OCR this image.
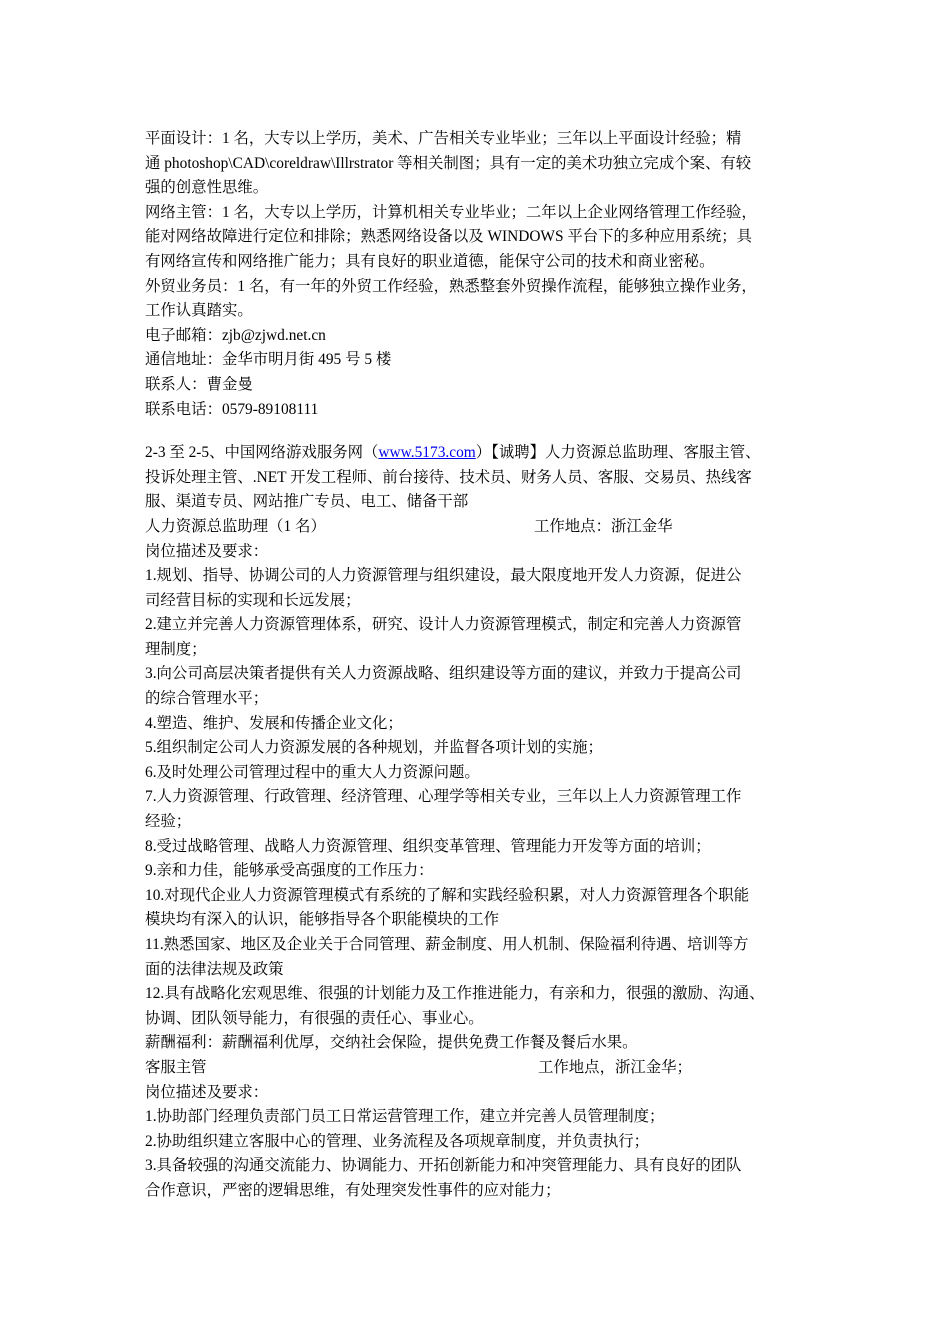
平面设计：1 名，大专以上学历，美术、广告相关专业毕业；三年以上平面设计经验；精
通 photoshop\CAD\coreldraw\Illrstrator 等相关制图；具有一定的美术功独立完成个案、有较
强的创意性思维。
网络主管：1 名，大专以上学历，计算机相关专业毕业；二年以上企业网络管理工作经验，
能对网络故障进行定位和排除；熟悉网络设备以及 WINDOWS 平台下的多种应用系统；具
有网络宣传和网络推广能力；具有良好的职业道德，能保守公司的技术和商业密秘。
外贸业务员：1 名，有一年的外贸工作经验，熟悉整套外贸操作流程，能够独立操作业务，
工作认真踏实。
电子邮箱：zjb@zjwd.net.cn
通信地址：金华市明月街 495 号 5 楼
联系人：曹金曼
联系电话：0579-89108111
2-3 至 2-5、中国网络游戏服务网（www.5173.com）【诚聘】人力资源总监助理、客服主管、
投诉处理主管、.NET 开发工程师、前台接待、技术员、财务人员、客服、交易员、热线客
服、渠道专员、网站推广专员、电工、储备干部
人力资源总监助理（1 名）	工作地点：浙江金华
岗位描述及要求：
1.规划、指导、协调公司的人力资源管理与组织建设，最大限度地开发人力资源，促进公
司经营目标的实现和长远发展；
2.建立并完善人力资源管理体系，研究、设计人力资源管理模式，制定和完善人力资源管
理制度；
3.向公司高层决策者提供有关人力资源战略、组织建设等方面的建议，并致力于提高公司
的综合管理水平；
4.塑造、维护、发展和传播企业文化；
5.组织制定公司人力资源发展的各种规划，并监督各项计划的实施；
6.及时处理公司管理过程中的重大人力资源问题。
7.人力资源管理、行政管理、经济管理、心理学等相关专业，三年以上人力资源管理工作
经验；
8.受过战略管理、战略人力资源管理、组织变革管理、管理能力开发等方面的培训；
9.亲和力佳，能够承受高强度的工作压力：
10.对现代企业人力资源管理模式有系统的了解和实践经验积累，对人力资源管理各个职能
模块均有深入的认识，能够指导各个职能模块的工作
11.熟悉国家、地区及企业关于合同管理、薪金制度、用人机制、保险福利待遇、培训等方
面的法律法规及政策
12.具有战略化宏观思维、很强的计划能力及工作推进能力，有亲和力，很强的激励、沟通、
协调、团队领导能力，有很强的责任心、事业心。
薪酬福利：薪酬福利优厚，交纳社会保险，提供免费工作餐及餐后水果。
客服主管	工作地点，浙江金华；
岗位描述及要求：
1.协助部门经理负责部门员工日常运营管理工作，建立并完善人员管理制度；
2.协助组织建立客服中心的管理、业务流程及各项规章制度，并负责执行；
3.具备较强的沟通交流能力、协调能力、开拓创新能力和冲突管理能力、具有良好的团队
合作意识，严密的逻辑思维，有处理突发性事件的应对能力；
